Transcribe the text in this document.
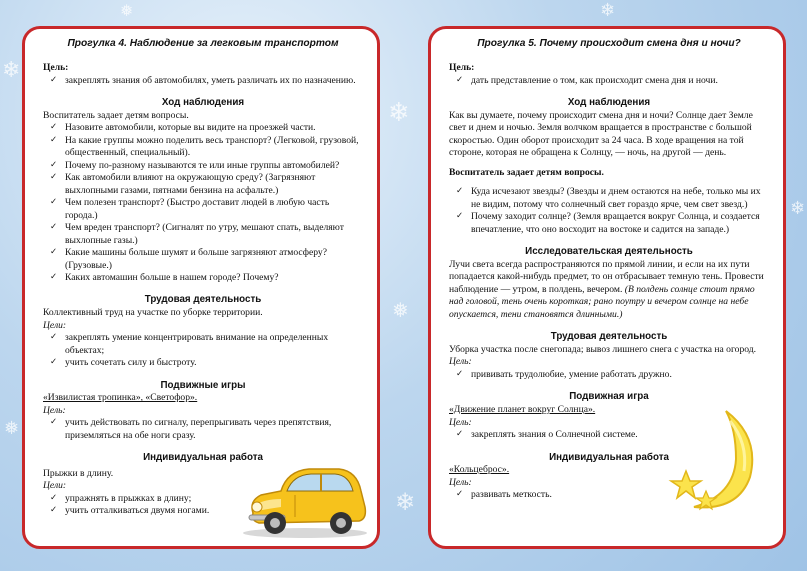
❄
❄
❅
❄
❅
❄
❅	❄
Прогулка 4. Наблюдение за легковым транспортом
Цель:
✓ закреплять знания об автомобилях, уметь различать их по назначению.
Ход наблюдения
Воспитатель задает детям вопросы.
✓ Назовите автомобили, которые вы видите на проезжей части.
✓ На какие группы можно поделить весь транспорт? (Легковой, грузовой, общественный, специальный).
✓ Почему по-разному называются те или иные группы автомобилей?
✓ Как автомобили влияют на окружающую среду? (Загрязняют выхлопными газами, пятнами бензина на асфальте.)
✓ Чем полезен транспорт? (Быстро доставит людей в любую часть города.)
✓ Чем вреден транспорт? (Сигналят по утру, мешают спать, выделяют выхлопные газы.)
✓ Какие машины больше шумят и больше загрязняют атмосферу? (Грузовые.)
✓ Каких автомашин больше в нашем городе? Почему?
Трудовая деятельность
Коллективный труд на участке по уборке территории.
Цели:
✓ закреплять умение концентрировать внимание на определенных объектах;
✓ учить сочетать силу и быстроту.
Подвижные игры
«Извилистая тропинка», «Светофор».
Цель:
✓ учить действовать по сигналу, перепрыгивать через препятствия, приземляться на обе ноги сразу.
Индивидуальная работа
Прыжки в длину.
Цели:
✓ упражнять в прыжках в длину;
✓ учить отталкиваться двумя ногами.
Прогулка 5. Почему происходит смена дня и ночи?
Цель:
✓ дать представление о том, как происходит смена дня и ночи.
Ход наблюдения
Как вы думаете, почему происходит смена дня и ночи? Солнце дает Земле свет и днем и ночью. Земля волчком вращается в пространстве с большой скоростью. Один оборот происходит за 24 часа. В ходе вращения на той стороне, которая не обращена к Солнцу, — ночь, на другой — день.
Воспитатель задает детям вопросы.
✓ Куда исчезают звезды? (Звезды и днем остаются на небе, только мы их не видим, потому что солнечный свет гораздо ярче, чем свет звезд.)
✓ Почему заходит солнце? (Земля вращается вокруг Солнца, и создается впечатление, что оно восходит на востоке и садится на западе.)
Исследовательская деятельность
Лучи света всегда распространяются по прямой линии, и если на их пути попадается какой-нибудь предмет, то он отбрасывает темную тень. Провести наблюдение — утром, в полдень, вечером. (В полдень солнце стоит прямо над головой, тень очень короткая; рано поутру и вечером солнце на небе опускается, тени становятся длинными.)
Трудовая деятельность
Уборка участка после снегопада; вывоз лишнего снега с участка на огород.
Цель:
✓ прививать трудолюбие, умение работать дружно.
Подвижная игра
«Движение планет вокруг Солнца».
Цель:
✓ закреплять знания о Солнечной системе.
Индивидуальная работа
«Кольцеброс».
Цель:
✓ развивать меткость.
